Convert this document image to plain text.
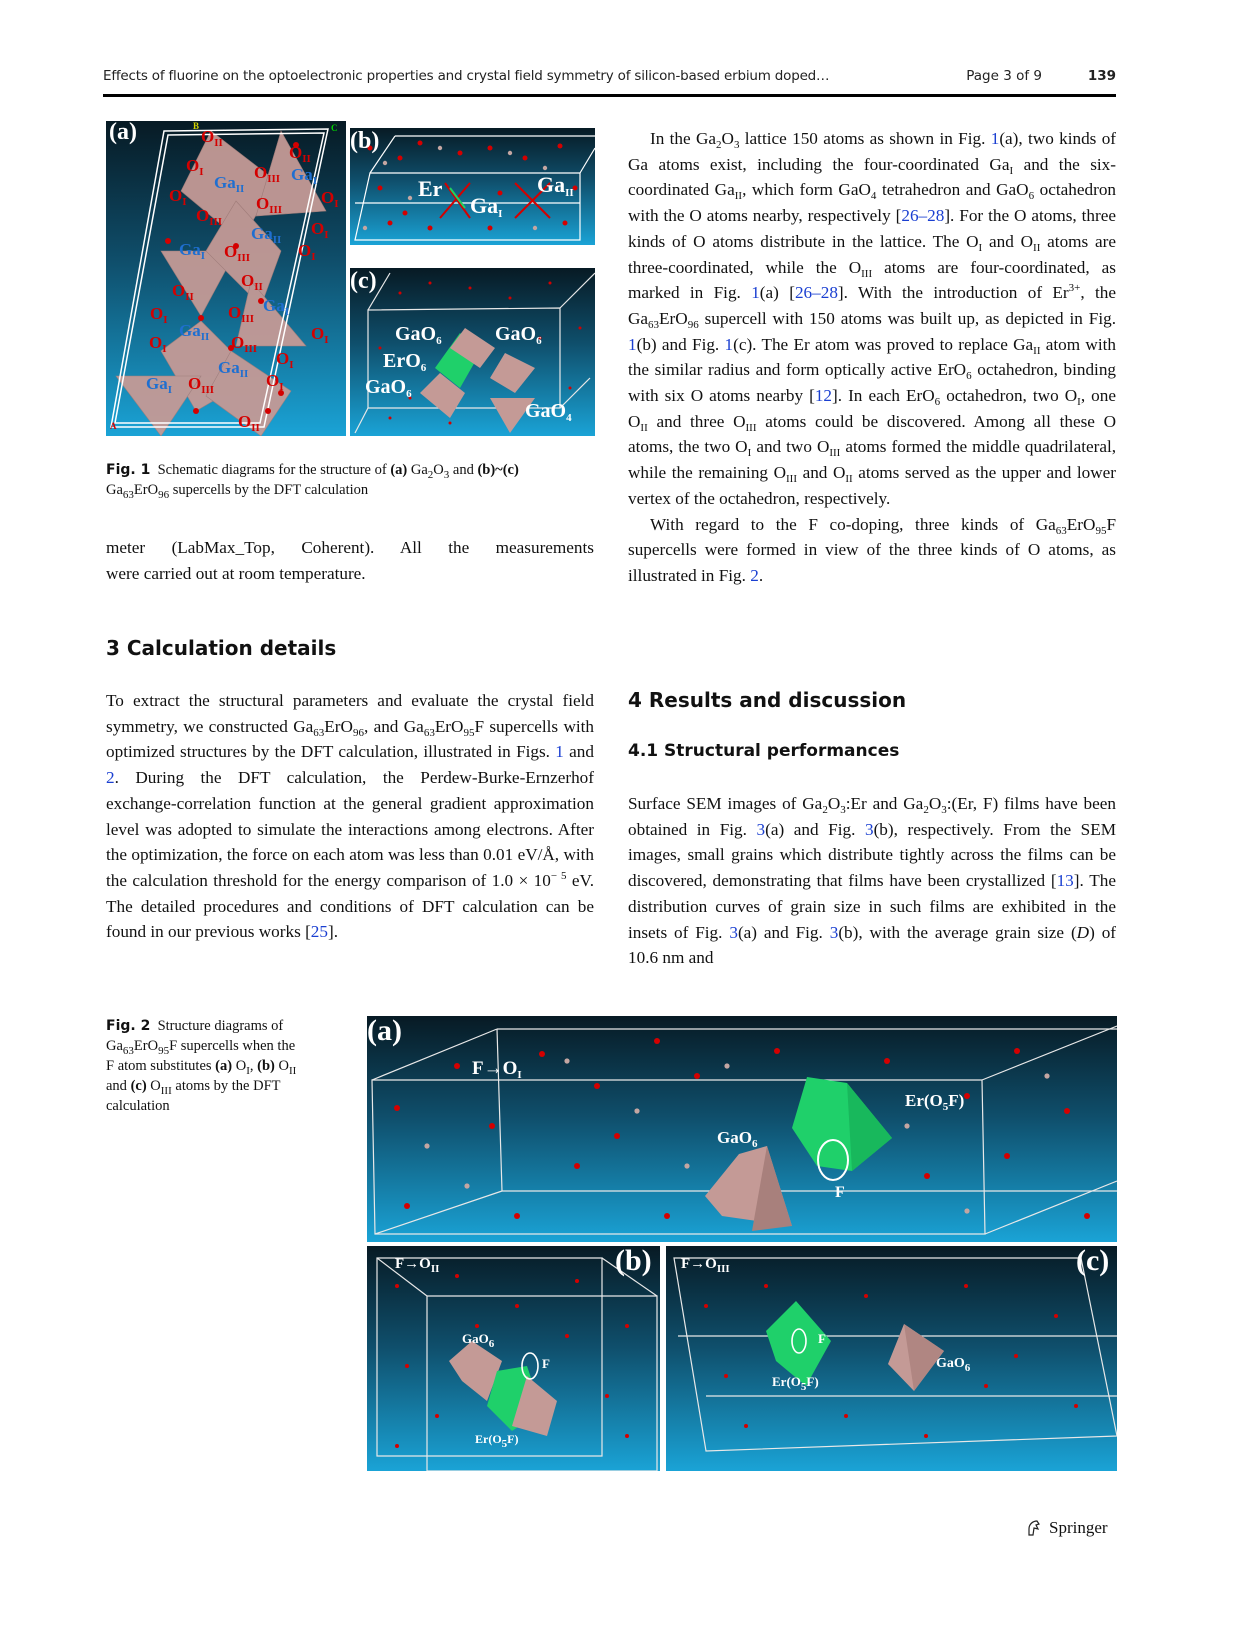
Effects of fluorine on the optoelectronic properties and crystal field symmetry of silicon-based erbium doped…	Page 3 of 9	139
(a)	B	C
A
$O_{II}$	$O_{II}$
$O_I$	$O_{III}$ $Ga_I$
$Ga_{II}$
$O_I$	$O_I$
$O_{III}$
$O_{III}$
$Ga_{II}$
$Ga_I$ $O_{III}$
$O_I$
$O_I$
$O_{II}$
$O_{II}$
$Ga_I$
$O_{III}$
$O_I$
$Ga_{II}$	$O_I$
$O_I$	$O_{III}$ $O_I$
$Ga_{II}$ $O_I$
$Ga_I$ $O_{III}$
$O_{II}$
(b)
Er
$Ga_I$
$Ga_{II}$
(c)
GaO$_6$	GaO$_6$
ErO$_6$
GaO$_6$
GaO$_4$
Fig. 1 Schematic diagrams for the structure of (a) $Ga_2O_3$ and (b)~(c)
$Ga_{63}ErO_{96}$ supercells by the DFT calculation

meter (LabMax_Top, Coherent). All the measurements

were carried out at room temperature.

3 Calculation details

To extract the structural parameters and evaluate the crystal field symmetry, we constructed $Ga_{63}ErO_{96}$, and $Ga_{63}ErO_{95}F$ supercells with optimized structures by the DFT calculation, illustrated in Figs. 1 and 2. During the DFT calculation, the Perdew-Burke-Ernzerhof exchange-correlation function at the general gradient approximation level was adopted to simulate the interactions among electrons. After the optimization, the force on each atom was less than 0.01 eV/Å, with the calculation threshold for the energy comparison of $1.0 \times 10^{- 5}$ eV. The detailed procedures and conditions of DFT calculation can be found in our previous works [25].

In the $Ga_2O_3$ lattice 150 atoms as shown in Fig. 1(a), two kinds of Ga atoms exist, including the four-coordinated $Ga_I$ and the six-coordinated $Ga_{II}$, which form GaO$_4$ tetrahedron and GaO$_6$ octahedron with the O atoms nearby, respectively [26–28]. For the O atoms, three kinds of O atoms distribute in the lattice. The $O_I$ and $O_{II}$ atoms are three-coordinated, while the $O_{III}$ atoms are four-coordinated, as marked in Fig. 1(a) [26–28]. With the introduction of $Er^{3+}$, the $Ga_{63}ErO_{96}$ supercell with 150 atoms was built up, as depicted in Fig. 1(b) and Fig. 1(c). The Er atom was proved to replace $Ga_{II}$ atom with the similar radius and form optically active ErO$_6$ octahedron, binding with six O atoms nearby [12]. In each ErO$_6$ octahedron, two $O_I$, one $O_{II}$ and three $O_{III}$ atoms could be discovered. Among all these O atoms, the two $O_I$ and two $O_{III}$ atoms formed the middle quadrilateral, while the remaining $O_{III}$ and $O_{II}$ atoms served as the upper and lower vertex of the octahedron, respectively.

With regard to the F co-doping, three kinds of $Ga_{63}ErO_{95}F$ supercells were formed in view of the three kinds of O atoms, as illustrated in Fig. 2.

4 Results and discussion
4.1 Structural performances

Surface SEM images of $Ga_2O_3:Er$ and $Ga_2O_3:(Er$, F) films have been obtained in Fig. 3(a) and Fig. 3(b), respectively. From the SEM images, small grains which distribute tightly across the films can be discovered, demonstrating that films have been crystallized [13]. The distribution curves of grain size in such films are exhibited in the insets of Fig. 3(a) and Fig. 3(b), with the average grain size (D) of 10.6 nm and

Fig. 2 Structure diagrams of
$Ga_{63}ErO_{95}F$ supercells when the
F atom substitutes (a) $O_I$, (b) $O_{II}$
and (c) $O_{III}$ atoms by the DFT
calculation
(a)
$F\to O_I$
$Er(O_5F)$
GaO$_6$
F
(b)
$F\to O_{II}$
GaO$_6$
F
$Er(O_5F)$
(c)
$F\to O_{III}$
F
GaO$_6$
$Er(O_5F)$
Springer
